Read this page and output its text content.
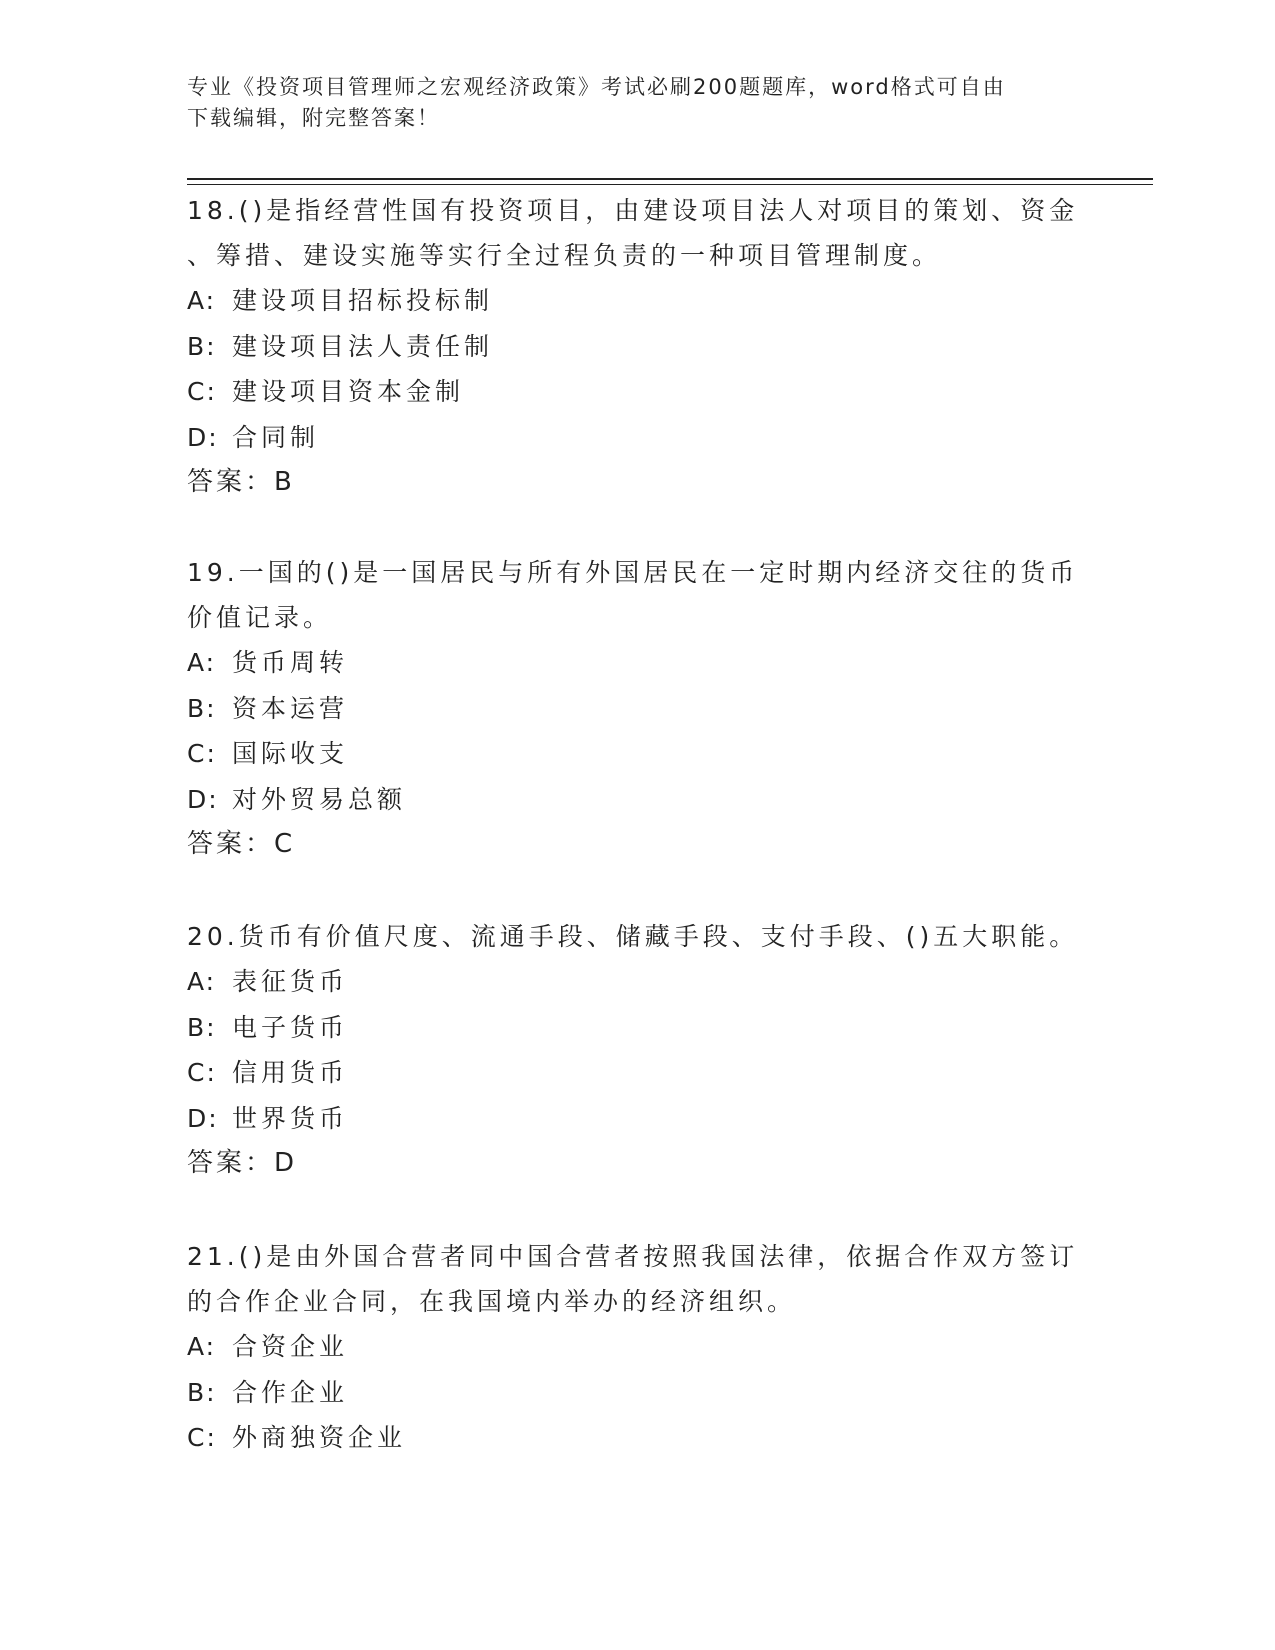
专业《投资项目管理师之宏观经济政策》考试必刷200题题库，word格式可自由
下载编辑，附完整答案！

18.()是指经营性国有投资项目，由建设项目法人对项目的策划、资金

、筹措、建设实施等实行全过程负责的一种项目管理制度。

A: 建设项目招标投标制

B: 建设项目法人责任制

C: 建设项目资本金制

D: 合同制

答案：B

19.一国的()是一国居民与所有外国居民在一定时期内经济交往的货币

价值记录。

A: 货币周转

B: 资本运营

C: 国际收支

D: 对外贸易总额

答案：C

20.货币有价值尺度、流通手段、储藏手段、支付手段、()五大职能。

A: 表征货币

B: 电子货币

C: 信用货币

D: 世界货币

答案：D

21.()是由外国合营者同中国合营者按照我国法律，依据合作双方签订

的合作企业合同，在我国境内举办的经济组织。

A: 合资企业

B: 合作企业

C: 外商独资企业
